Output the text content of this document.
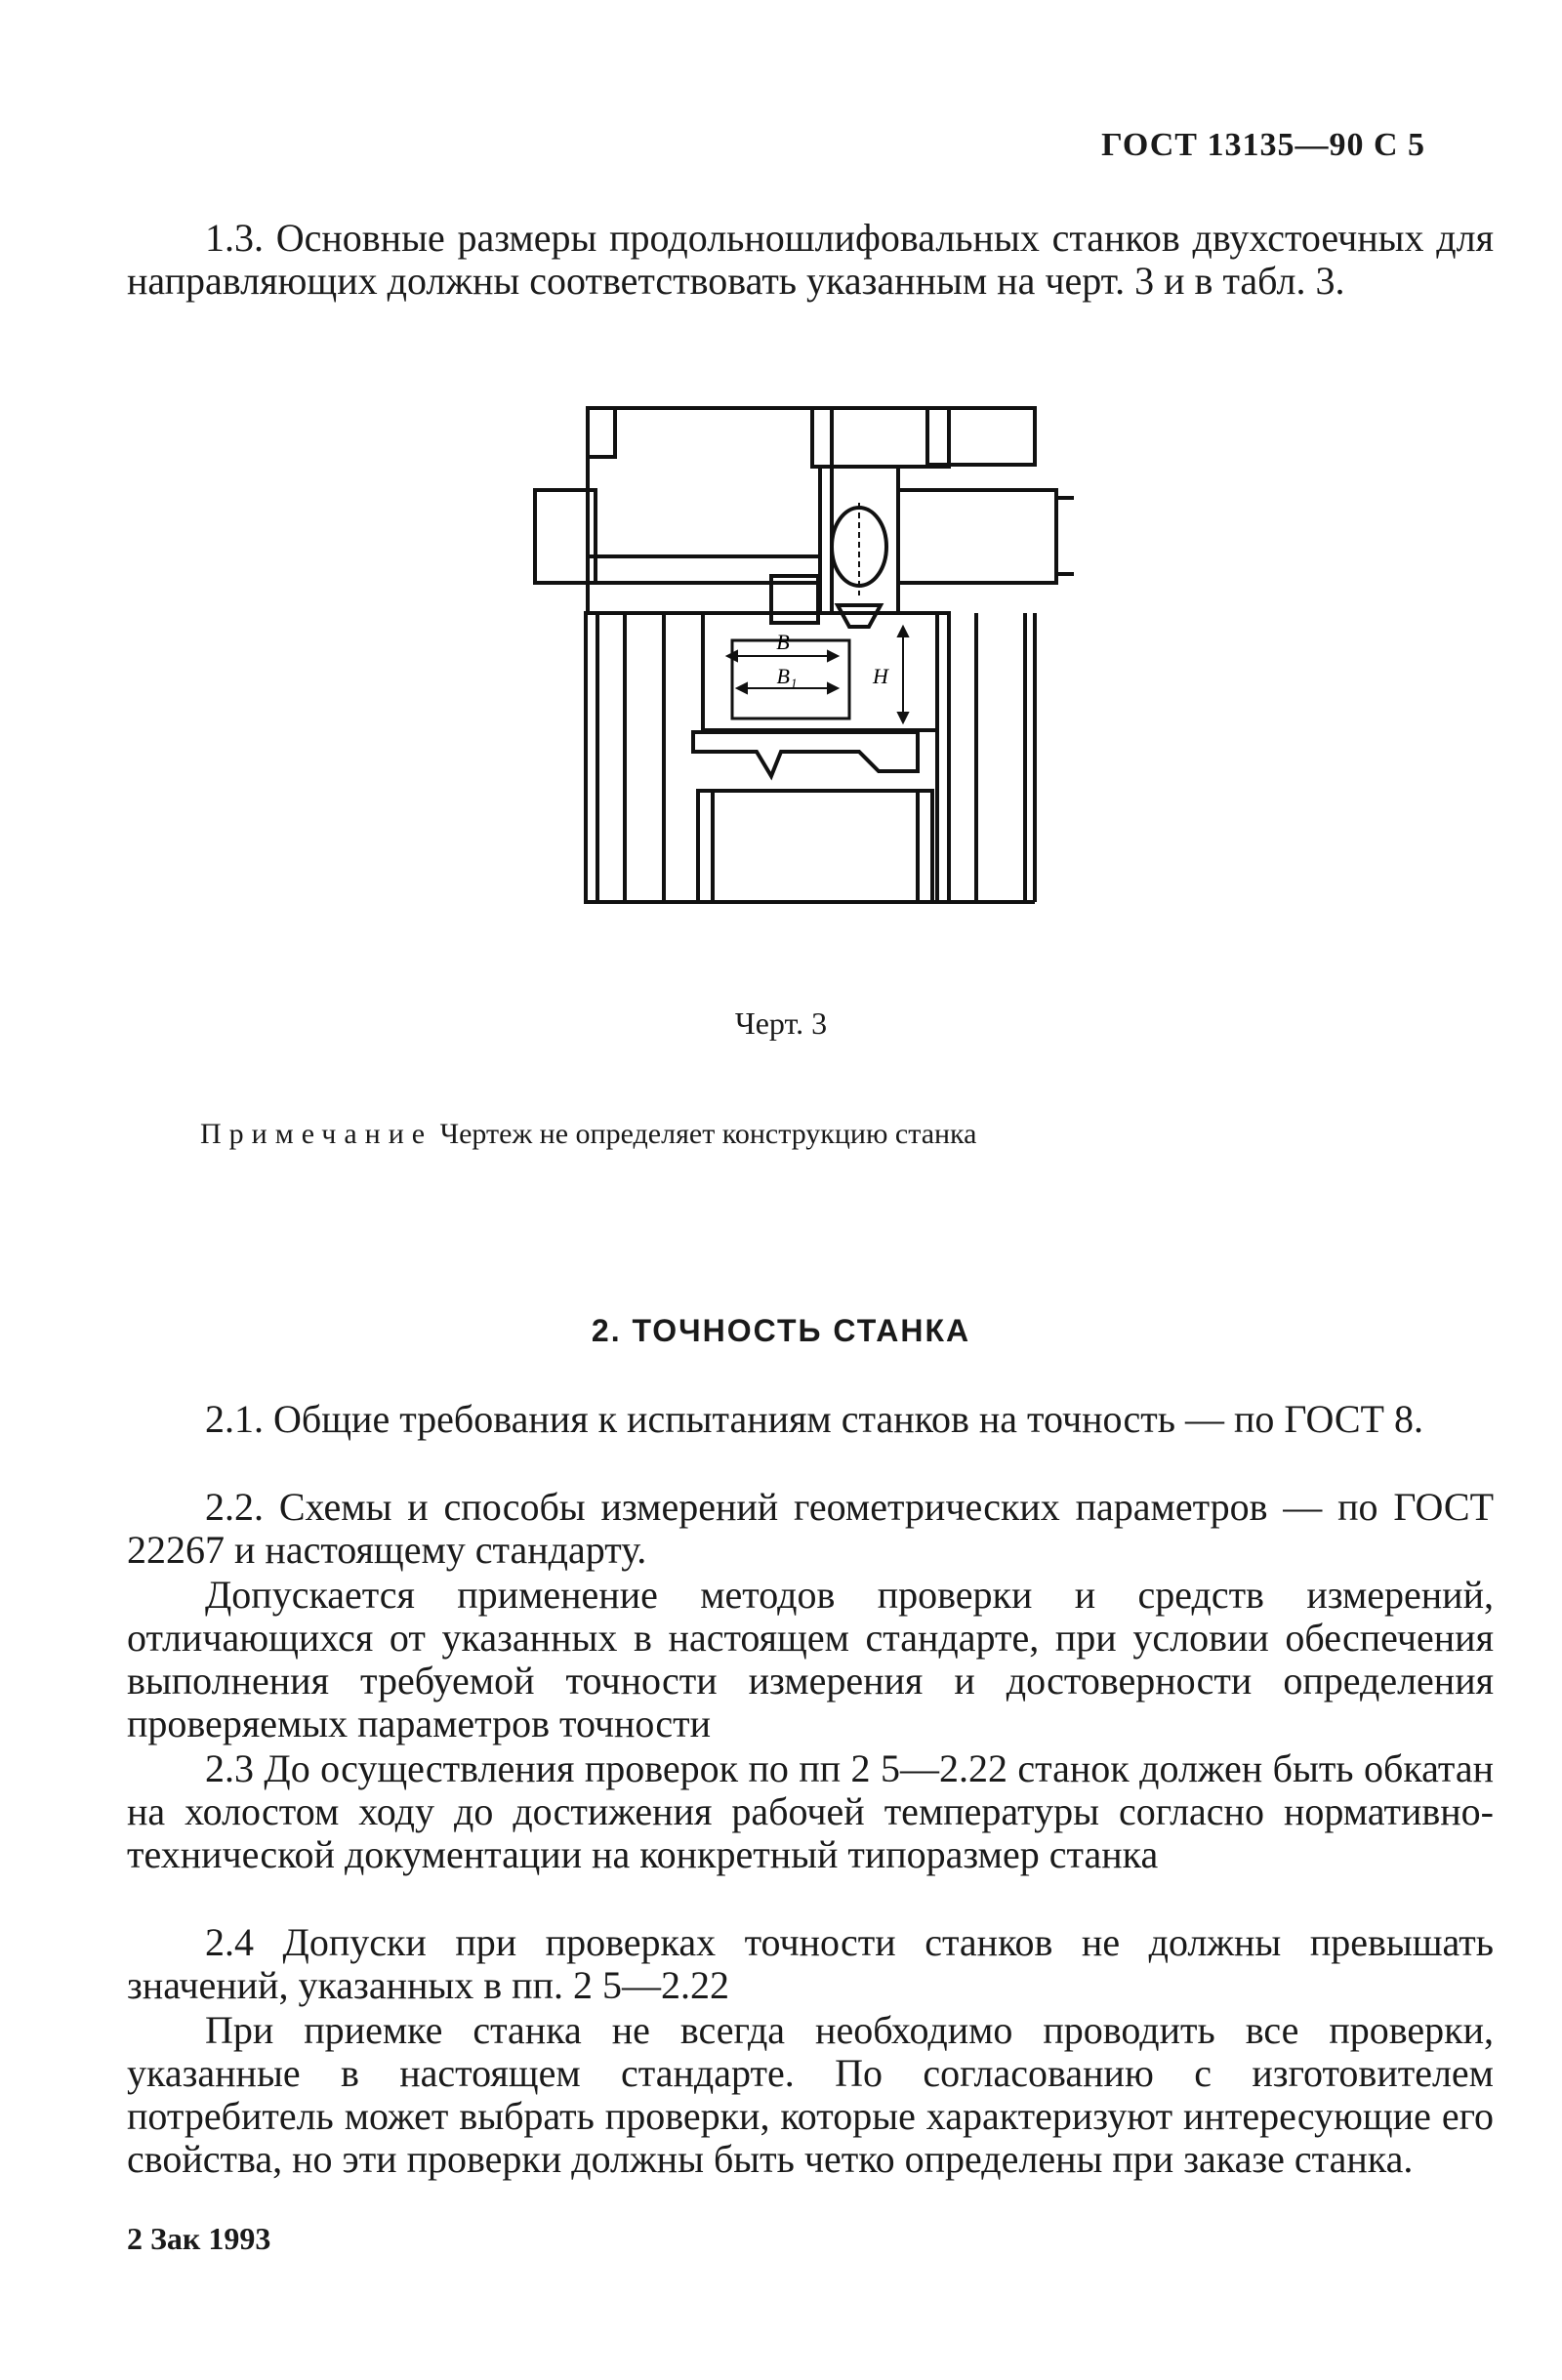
ГОСТ 13135—90 С 5
1.3. Основные размеры продольношлифовальных станков двухстоечных для направляющих должны соответствовать указанным на черт. 3 и в табл. 3.
B
B₁	H
Черт. 3
Примечание Чертеж не определяет конструкцию станка
2. ТОЧНОСТЬ СТАНКА
2.1. Общие требования к испытаниям станков на точность — по ГОСТ 8.
2.2. Схемы и способы измерений геометрических параметров — по ГОСТ 22267 и настоящему стандарту.
Допускается применение методов проверки и средств измерений, отличающихся от указанных в настоящем стандарте, при условии обеспечения выполнения требуемой точности измерения и достоверности определения проверяемых параметров точности
2.3 До осуществления проверок по пп 2 5—2.22 станок должен быть обкатан на холостом ходу до достижения рабочей температуры согласно нормативно-технической документации на конкретный типоразмер станка
2.4 Допуски при проверках точности станков не должны превышать значений, указанных в пп. 2 5—2.22
При приемке станка не всегда необходимо проводить все проверки, указанные в настоящем стандарте. По согласованию с изготовителем потребитель может выбрать проверки, которые характеризуют интересующие его свойства, но эти проверки должны быть четко определены при заказе станка.
2 Зак 1993
